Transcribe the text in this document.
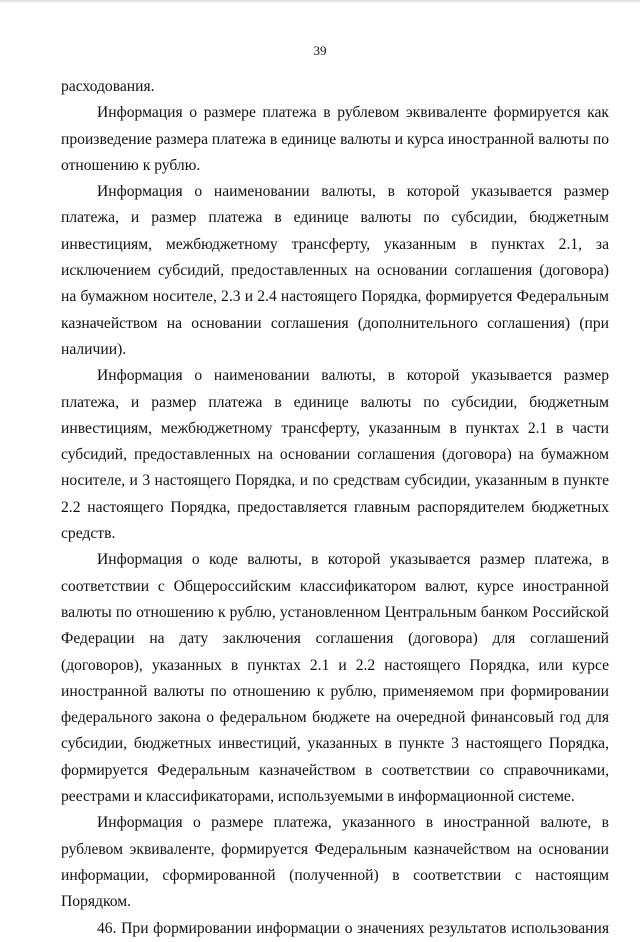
39

расходования.

Информация о размере платежа в рублевом эквиваленте формируется как произведение размера платежа в единице валюты и курса иностранной валюты по отношению к рублю.

Информация о наименовании валюты, в которой указывается размер платежа, и размер платежа в единице валюты по субсидии, бюджетным инвестициям, межбюджетному трансферту, указанным в пунктах 2.1, за исключением субсидий, предоставленных на основании соглашения (договора) на бумажном носителе, 2.3 и 2.4 настоящего Порядка, формируется Федеральным казначейством на основании соглашения (дополнительного соглашения) (при наличии).

Информация о наименовании валюты, в которой указывается размер платежа, и размер платежа в единице валюты по субсидии, бюджетным инвестициям, межбюджетному трансферту, указанным в пунктах 2.1 в части субсидий, предоставленных на основании соглашения (договора) на бумажном носителе, и 3 настоящего Порядка, и по средствам субсидии, указанным в пункте 2.2 настоящего Порядка, предоставляется главным распорядителем бюджетных средств.

Информация о коде валюты, в которой указывается размер платежа, в соответствии с Общероссийским классификатором валют, курсе иностранной валюты по отношению к рублю, установленном Центральным банком Российской Федерации на дату заключения соглашения (договора) для соглашений (договоров), указанных в пунктах 2.1 и 2.2 настоящего Порядка, или курсе иностранной валюты по отношению к рублю, применяемом при формировании федерального закона о федеральном бюджете на очередной финансовый год для субсидии, бюджетных инвестиций, указанных в пункте 3 настоящего Порядка, формируется Федеральным казначейством в соответствии со справочниками, реестрами и классификаторами, используемыми в информационной системе.

Информация о размере платежа, указанного в иностранной валюте, в рублевом эквиваленте, формируется Федеральным казначейством на основании информации, сформированной (полученной) в соответствии с настоящим Порядком.

46. При формировании информации о значениях результатов использования
